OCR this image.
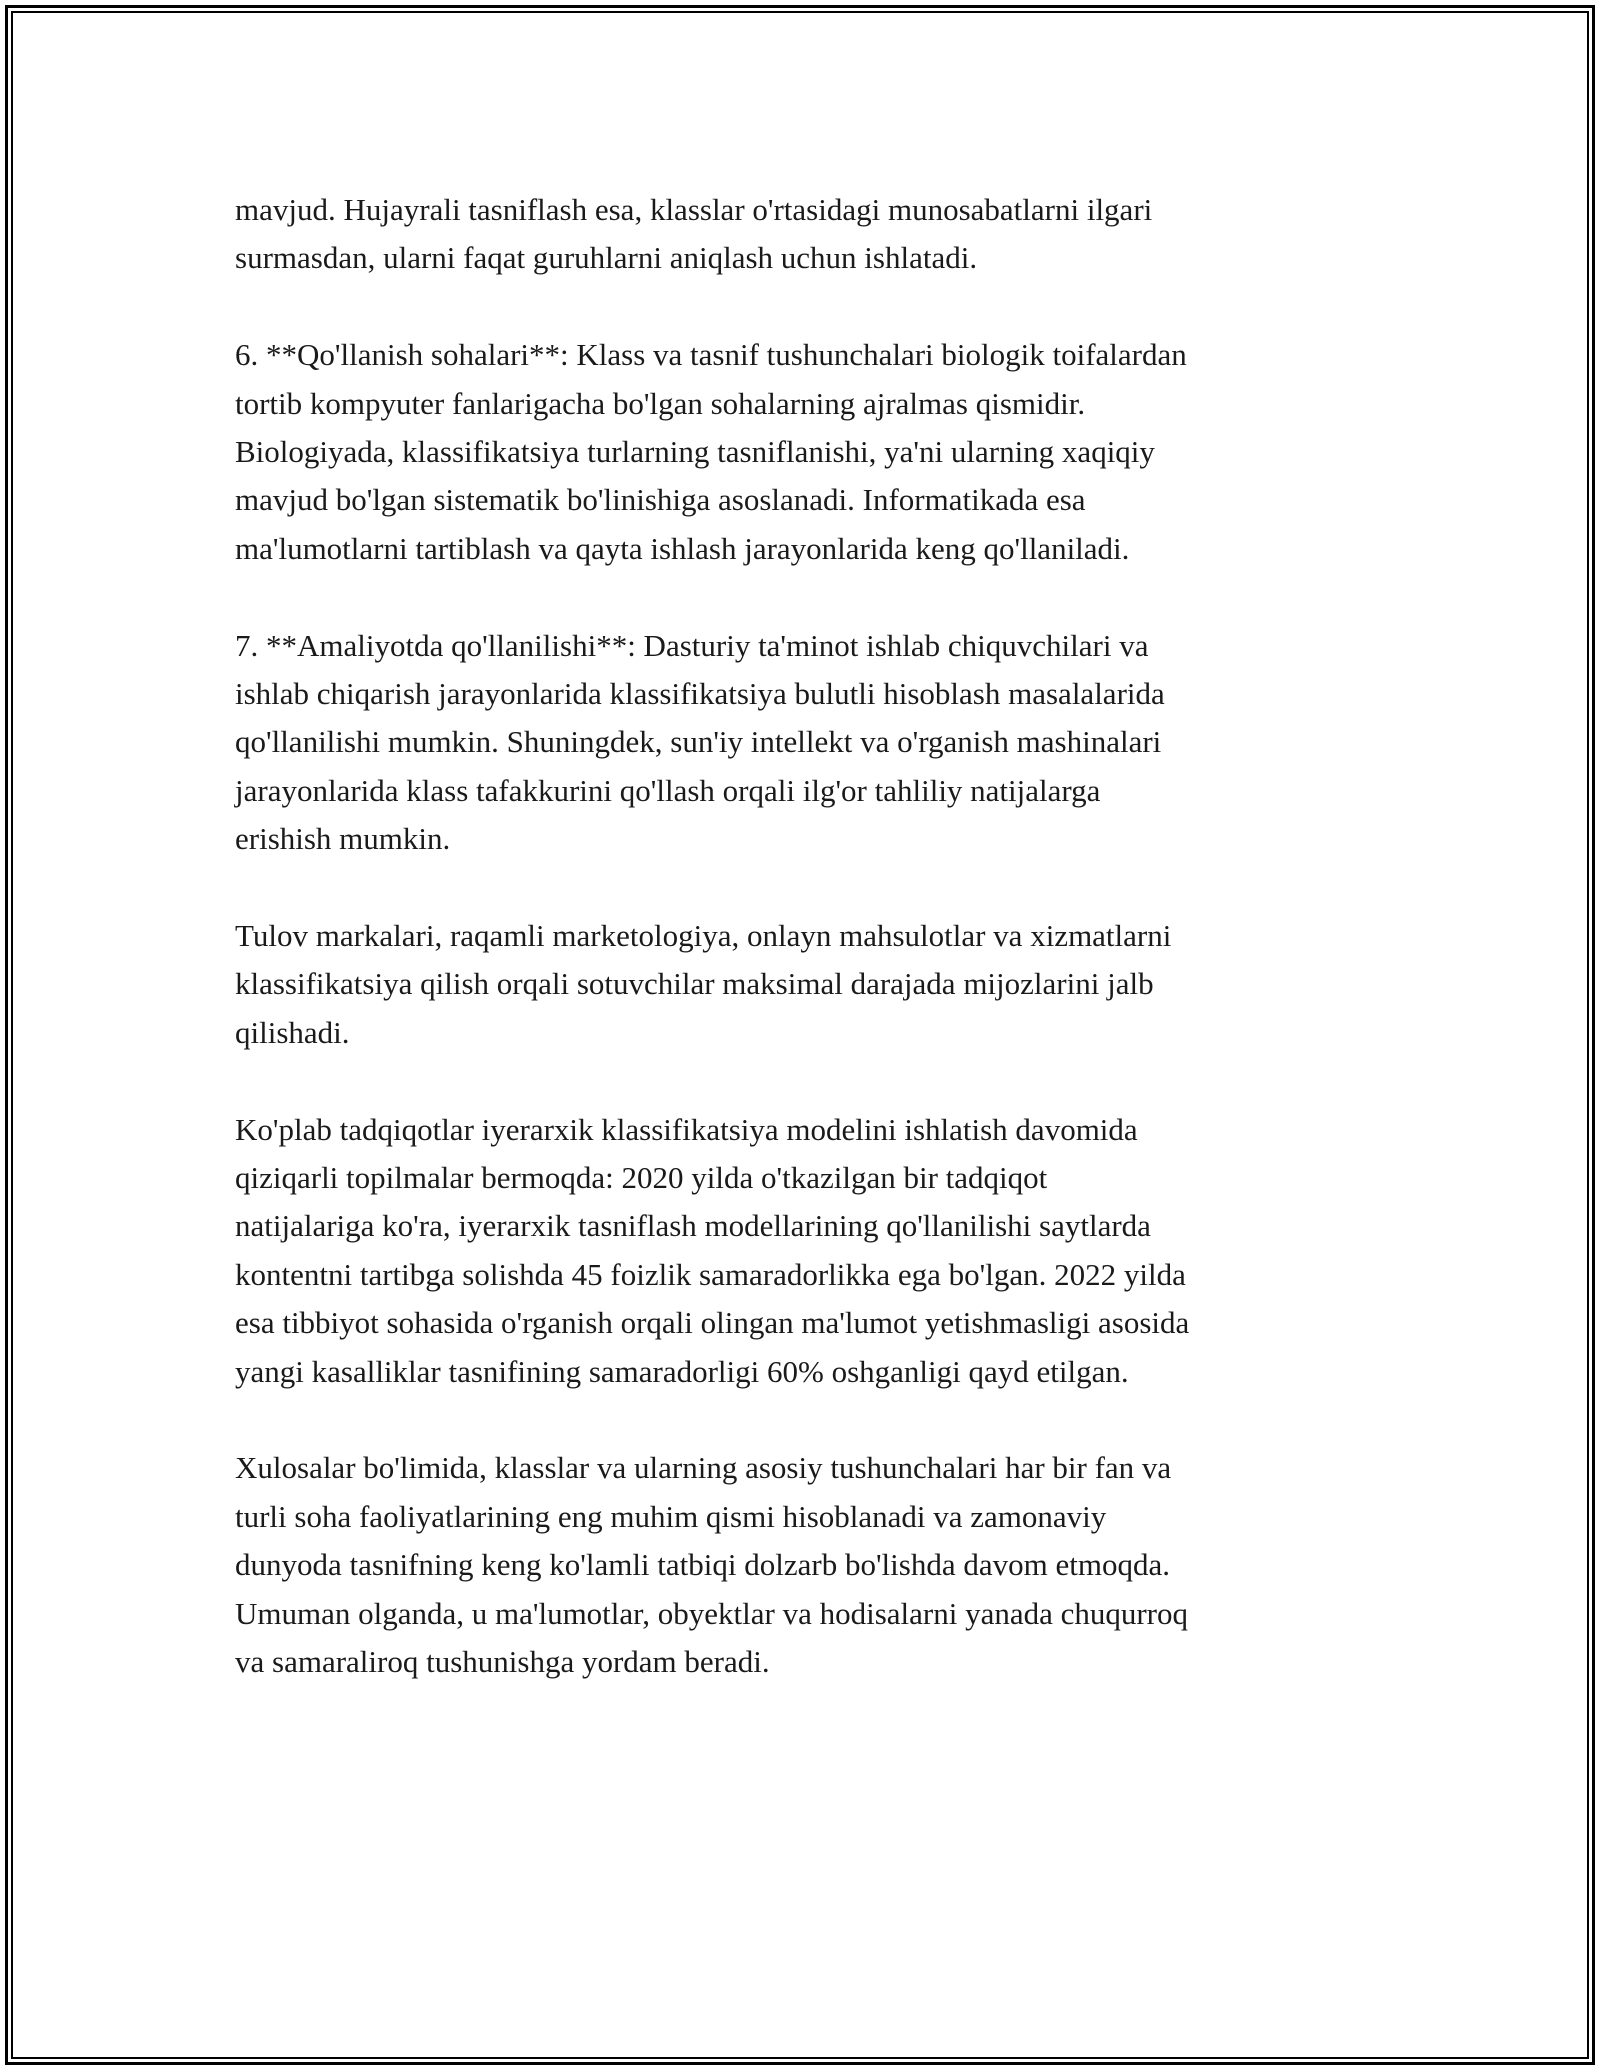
mavjud. Hujayrali tasniflash esa, klasslar o'rtasidagi munosabatlarni ilgari
surmasdan, ularni faqat guruhlarni aniqlash uchun ishlatadi.

6. **Qo'llanish sohalari**: Klass va tasnif tushunchalari biologik toifalardan
tortib kompyuter fanlarigacha bo'lgan sohalarning ajralmas qismidir.
Biologiyada, klassifikatsiya turlarning tasniflanishi, ya'ni ularning xaqiqiy
mavjud bo'lgan sistematik bo'linishiga asoslanadi. Informatikada esa
ma'lumotlarni tartiblash va qayta ishlash jarayonlarida keng qo'llaniladi.

7. **Amaliyotda qo'llanilishi**: Dasturiy ta'minot ishlab chiquvchilari va
ishlab chiqarish jarayonlarida klassifikatsiya bulutli hisoblash masalalarida
qo'llanilishi mumkin. Shuningdek, sun'iy intellekt va o'rganish mashinalari
jarayonlarida klass tafakkurini qo'llash orqali ilg'or tahliliy natijalarga
erishish mumkin.

Tulov markalari, raqamli marketologiya, onlayn mahsulotlar va xizmatlarni
klassifikatsiya qilish orqali sotuvchilar maksimal darajada mijozlarini jalb
qilishadi.

Ko'plab tadqiqotlar iyerarxik klassifikatsiya modelini ishlatish davomida
qiziqarli topilmalar bermoqda: 2020 yilda o'tkazilgan bir tadqiqot
natijalariga ko'ra, iyerarxik tasniflash modellarining qo'llanilishi saytlarda
kontentni tartibga solishda 45 foizlik samaradorlikka ega bo'lgan. 2022 yilda
esa tibbiyot sohasida o'rganish orqali olingan ma'lumot yetishmasligi asosida
yangi kasalliklar tasnifining samaradorligi 60% oshganligi qayd etilgan.

Xulosalar bo'limida, klasslar va ularning asosiy tushunchalari har bir fan va
turli soha faoliyatlarining eng muhim qismi hisoblanadi va zamonaviy
dunyoda tasnifning keng ko'lamli tatbiqi dolzarb bo'lishda davom etmoqda.
Umuman olganda, u ma'lumotlar, obyektlar va hodisalarni yanada chuqurroq
va samaraliroq tushunishga yordam beradi.
